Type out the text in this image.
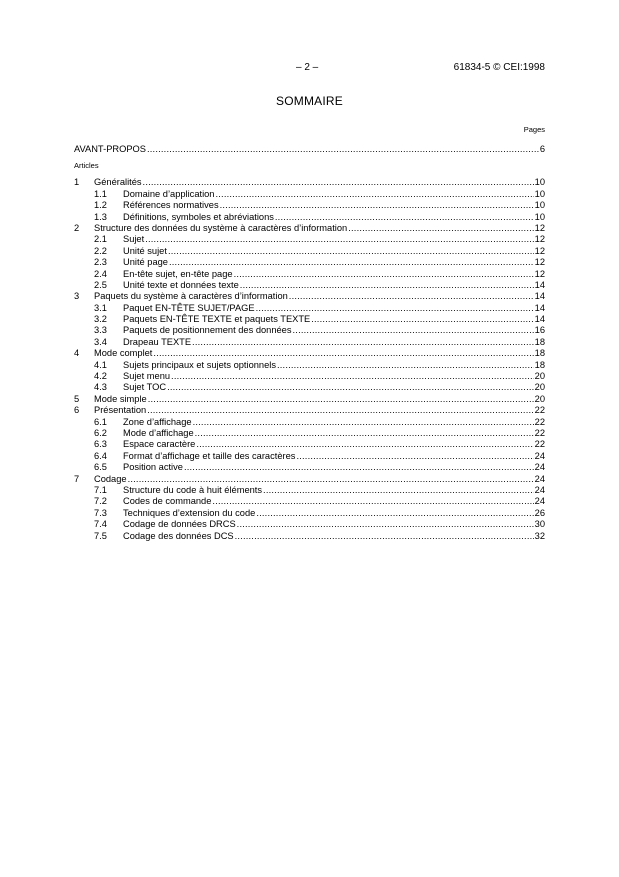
– 2 –	61834-5 © CEI:1998
SOMMAIRE
Pages
AVANT-PROPOS .....	6
Articles
1	Généralités .....	10
1.1	Domaine d’application .....	10
1.2	Références normatives .....	10
1.3	Définitions, symboles et abréviations .....	10
2	Structure des données du système à caractères d’information .....	12
2.1	Sujet .....	12
2.2	Unité sujet .....	12
2.3	Unité page .....	12
2.4	En-tête sujet, en-tête page .....	12
2.5	Unité texte et données texte .....	14
3	Paquets du système à caractères d’information .....	14
3.1	Paquet EN-TÊTE SUJET/PAGE .....	14
3.2	Paquets EN-TÊTE TEXTE et paquets TEXTE .....	14
3.3	Paquets de positionnement des données .....	16
3.4	Drapeau TEXTE .....	18
4	Mode complet .....	18
4.1	Sujets principaux et sujets optionnels .....	18
4.2	Sujet menu .....	20
4.3	Sujet TOC .....	20
5	Mode simple .....	20
6	Présentation .....	22
6.1	Zone d’affichage .....	22
6.2	Mode d’affichage .....	22
6.3	Espace caractère .....	22
6.4	Format d’affichage et taille des caractères .....	24
6.5	Position active .....	24
7	Codage .....	24
7.1	Structure du code à huit éléments .....	24
7.2	Codes de commande .....	24
7.3	Techniques d’extension du code .....	26
7.4	Codage de données DRCS .....	30
7.5	Codage des données DCS .....	32
